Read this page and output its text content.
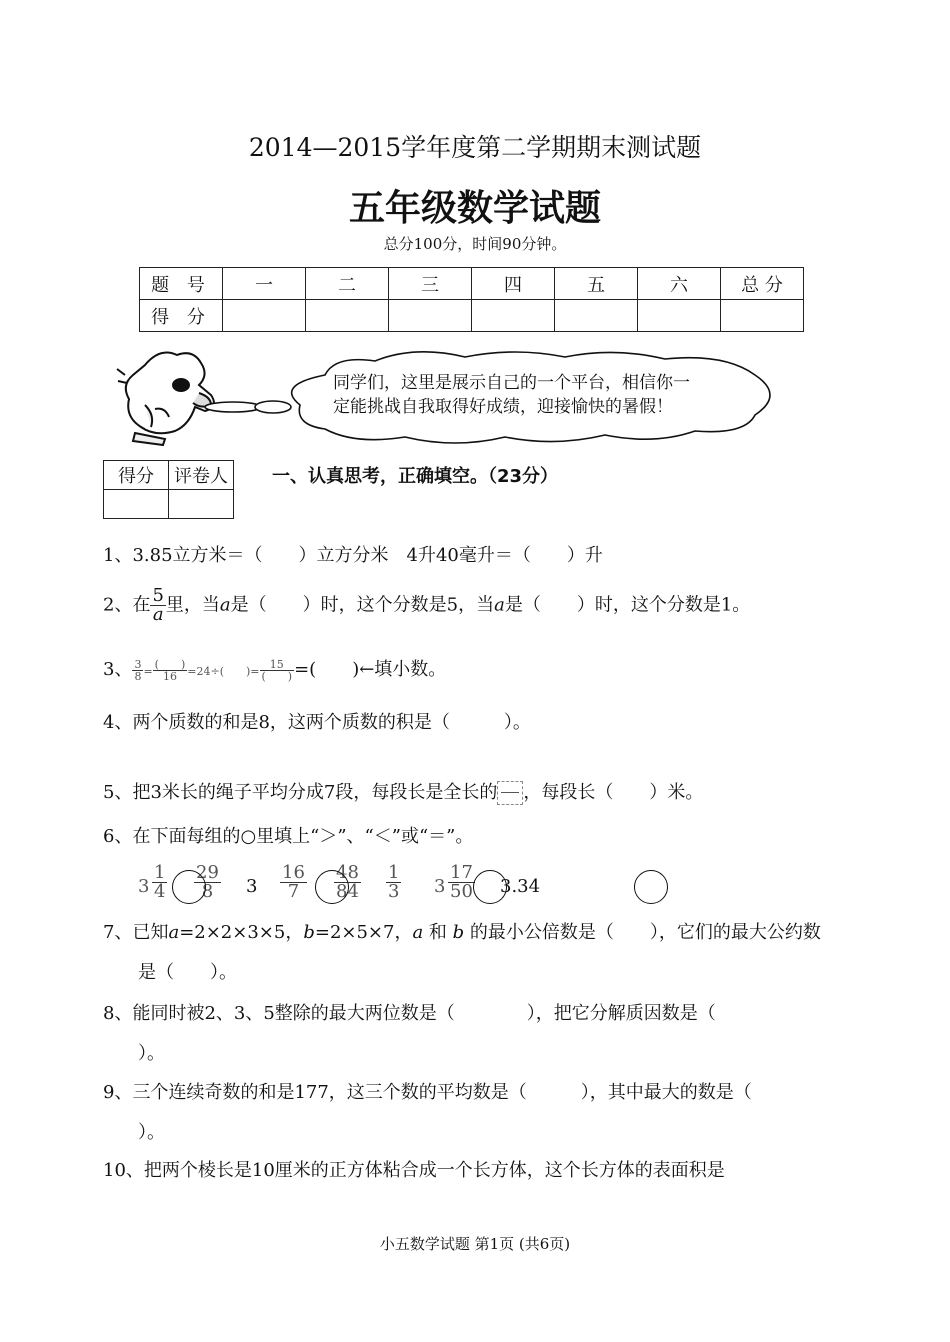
2014—2015学年度第二学期期末测试题
五年级数学试题
总分100分，时间90分钟。
题 号	一	二	三	四	五	六	总 分
得 分							
同学们，这里是展示自己的一个平台，相信你一
定能挑战自我取得好成绩，迎接愉快的暑假！
得分	评卷人
	一、认真思考，正确填空。（23分）
1、3.85立方米＝（　　）立方分米　4升40毫升＝（　　）升
2、在 $\frac{5}{a}$ 里，当a是（　　）时，这个分数是5，当a是（　　）时，这个分数是1。
3、 $\frac{3}{8} = \frac{( )}{16} =24\div$(　　)= $\frac{15}{( )}$ =(　　)←填小数。
4、两个质数的和是8，这两个质数的积是（　　　）。
5、把3米长的绳子平均分成7段，每段长是全长的 ，每段长（　　）米。
6、在下面每组的○里填上“＞”、“＜”或“＝”。
$3 \frac{1}{4} \frac{29}{8} 3 \frac{16}{7} \frac{48}{84} \frac{1}{3} 3 \frac{17}{50} 3.34$
7、已知a=2×2×3×5，b=2×5×7，a 和 b 的最小公倍数是（　　），它们的最大公约数
是（　　）。
8、能同时被2、3、5整除的最大两位数是（　　　　），把它分解质因数是（
）。
9、三个连续奇数的和是177，这三个数的平均数是（　　　），其中最大的数是（
）。
10、把两个棱长是10厘米的正方体粘合成一个长方体，这个长方体的表面积是
小五数学试题 第1页 (共6页)
